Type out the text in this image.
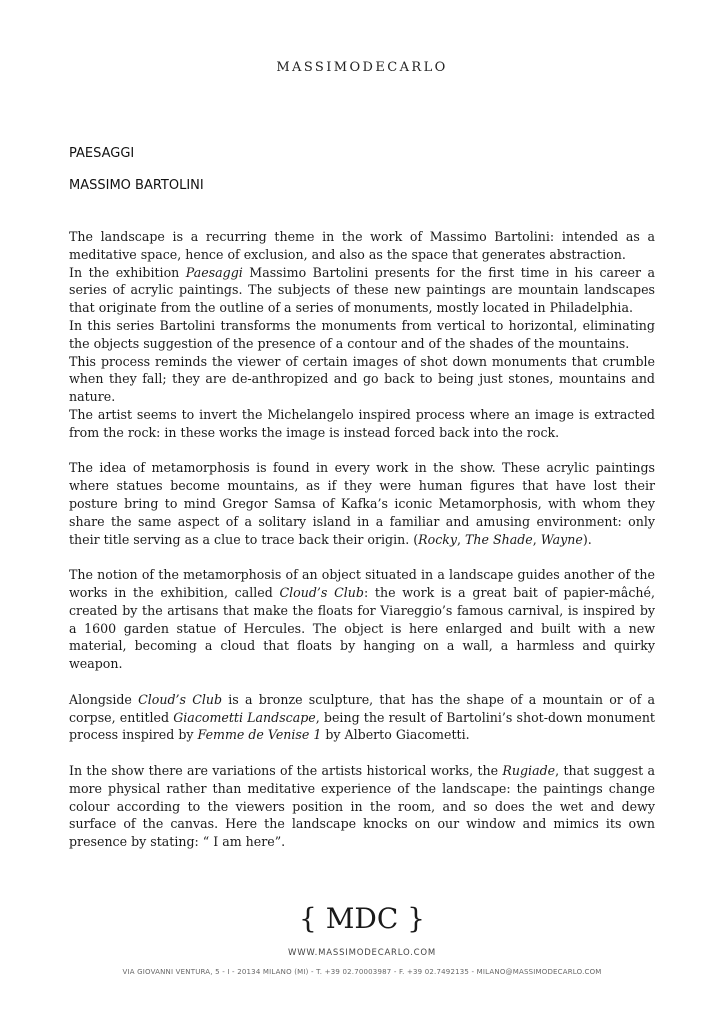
MASSIMODECARLO
PAESAGGI
MASSIMO BARTOLINI

The landscape is a recurring theme in the work of Massimo Bartolini: intended as a meditative space, hence of exclusion, and also as the space that generates abstraction.

In the exhibition Paesaggi Massimo Bartolini presents for the first time in his career a series of acrylic paintings. The subjects of these new paintings are mountain landscapes that originate from the outline of a series of monuments, mostly located in Philadelphia.

In this series Bartolini transforms the monuments from vertical to horizontal, eliminating the objects suggestion of the presence of a contour and of the shades of the mountains.

This process reminds the viewer of certain images of shot down monuments that crumble when they fall; they are de-anthropized and go back to being just stones, mountains and nature.

The artist seems to invert the Michelangelo inspired process where an image is extracted from the rock: in these works the image is instead forced back into the rock.

The idea of metamorphosis is found in every work in the show. These acrylic paintings where statues become mountains, as if they were human figures that have lost their posture bring to mind Gregor Samsa of Kafka’s iconic Metamorphosis, with whom they share the same aspect of a solitary island in a familiar and amusing environment: only their title serving as a clue to trace back their origin. (Rocky, The Shade, Wayne).

The notion of the metamorphosis of an object situated in a landscape guides another of the works in the exhibition, called Cloud’s Club: the work is a great bait of papier-mâché, created by the artisans that make the floats for Viareggio’s famous carnival, is inspired by a 1600 garden statue of Hercules. The object is here enlarged and built with a new material, becoming a cloud that floats by hanging on a wall, a harmless and quirky weapon.

Alongside Cloud’s Club is a bronze sculpture, that has the shape of a mountain or of a corpse, entitled Giacometti Landscape, being the result of Bartolini’s shot-down monument process inspired by Femme de Venise 1 by Alberto Giacometti.

In the show there are variations of the artists historical works, the Rugiade, that suggest a more physical rather than meditative experience of the landscape: the paintings change colour according to the viewers position in the room, and so does the wet and dewy surface of the canvas. Here the landscape knocks on our window and mimics its own presence by stating: “ I am here”.

{ MDC }
WWW.MASSIMODECARLO.COM
VIA GIOVANNI VENTURA, 5 - I - 20134 MILANO (MI) - T. +39 02.70003987 - F. +39 02.7492135 - MILANO@MASSIMODECARLO.COM
